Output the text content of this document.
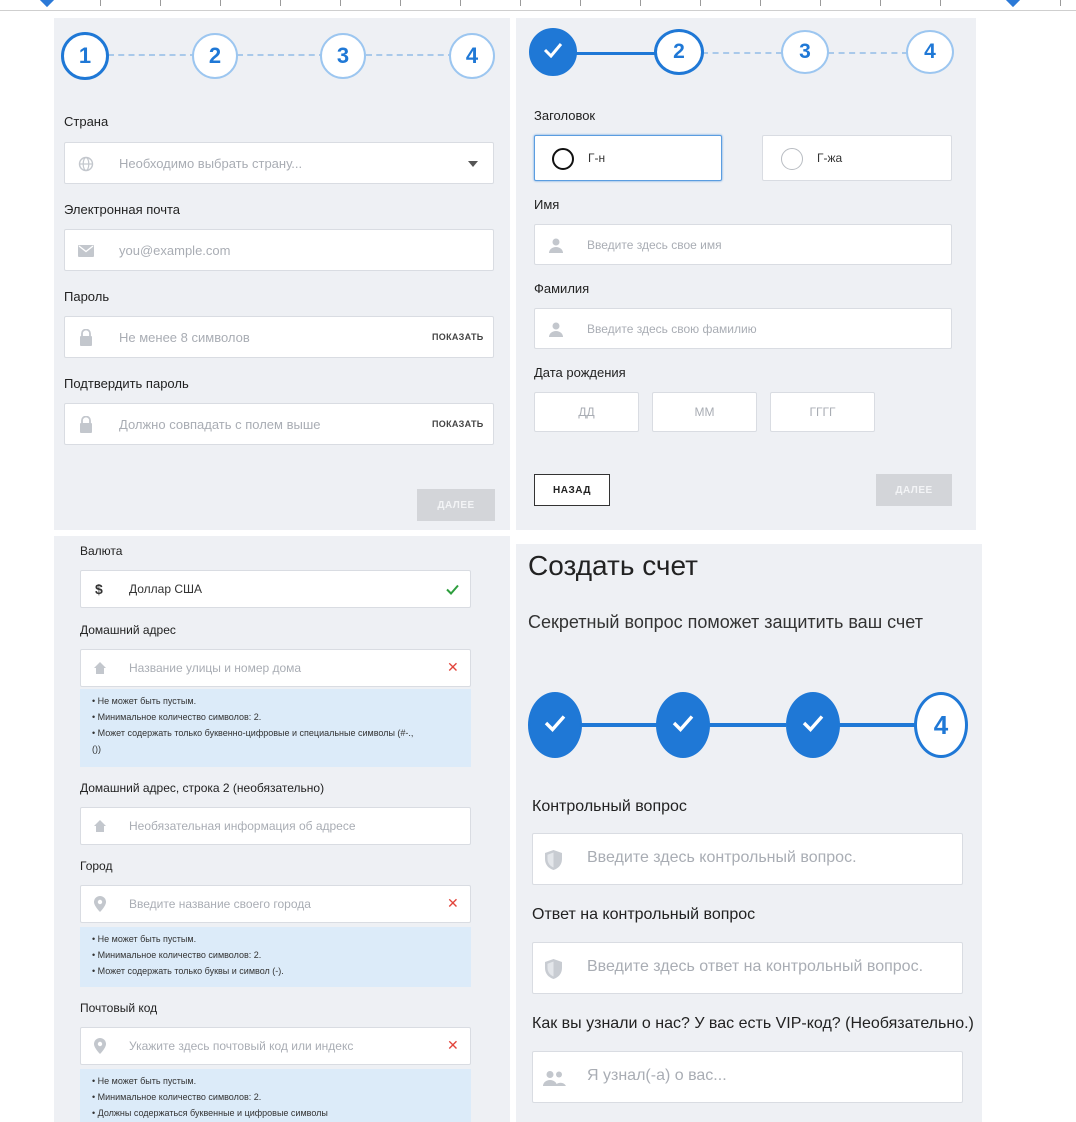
1	2	3	4
Страна
Необходимо выбрать страну...
Электронная почта
you@example.com
Пароль
Не менее 8 символов	ПОКАЗАТЬ
Подтвердить пароль
Должно совпадать с полем выше	ПОКАЗАТЬ
ДАЛЕЕ
2	3	4
Заголовок
Г-н	Г-жа
Имя
Введите здесь свое имя
Фамилия
Введите здесь свою фамилию
Дата рождения
ДД	ММ	ГГГГ
НАЗАД	ДАЛЕЕ
Валюта
$ Доллар США
Домашний адрес
Название улицы и номер дома	✕
• Не может быть пустым.
• Минимальное количество символов: 2.
• Может содержать только буквенно-цифровые и специальные символы (#-.,
())
Домашний адрес, строка 2 (необязательно)
Необязательная информация об адресе
Город
Введите название своего города	✕
• Не может быть пустым.
• Минимальное количество символов: 2.
• Может содержать только буквы и символ (-).
Почтовый код
Укажите здесь почтовый код или индекс	✕
• Не может быть пустым.
• Минимальное количество символов: 2.
• Должны содержаться буквенные и цифровые символы
Создать счет
Секретный вопрос поможет защитить ваш счет
4
Контрольный вопрос
Введите здесь контрольный вопрос.
Ответ на контрольный вопрос
Введите здесь ответ на контрольный вопрос.
Как вы узнали о нас? У вас есть VIP-код? (Необязательно.)
Я узнал(-а) о вас...
